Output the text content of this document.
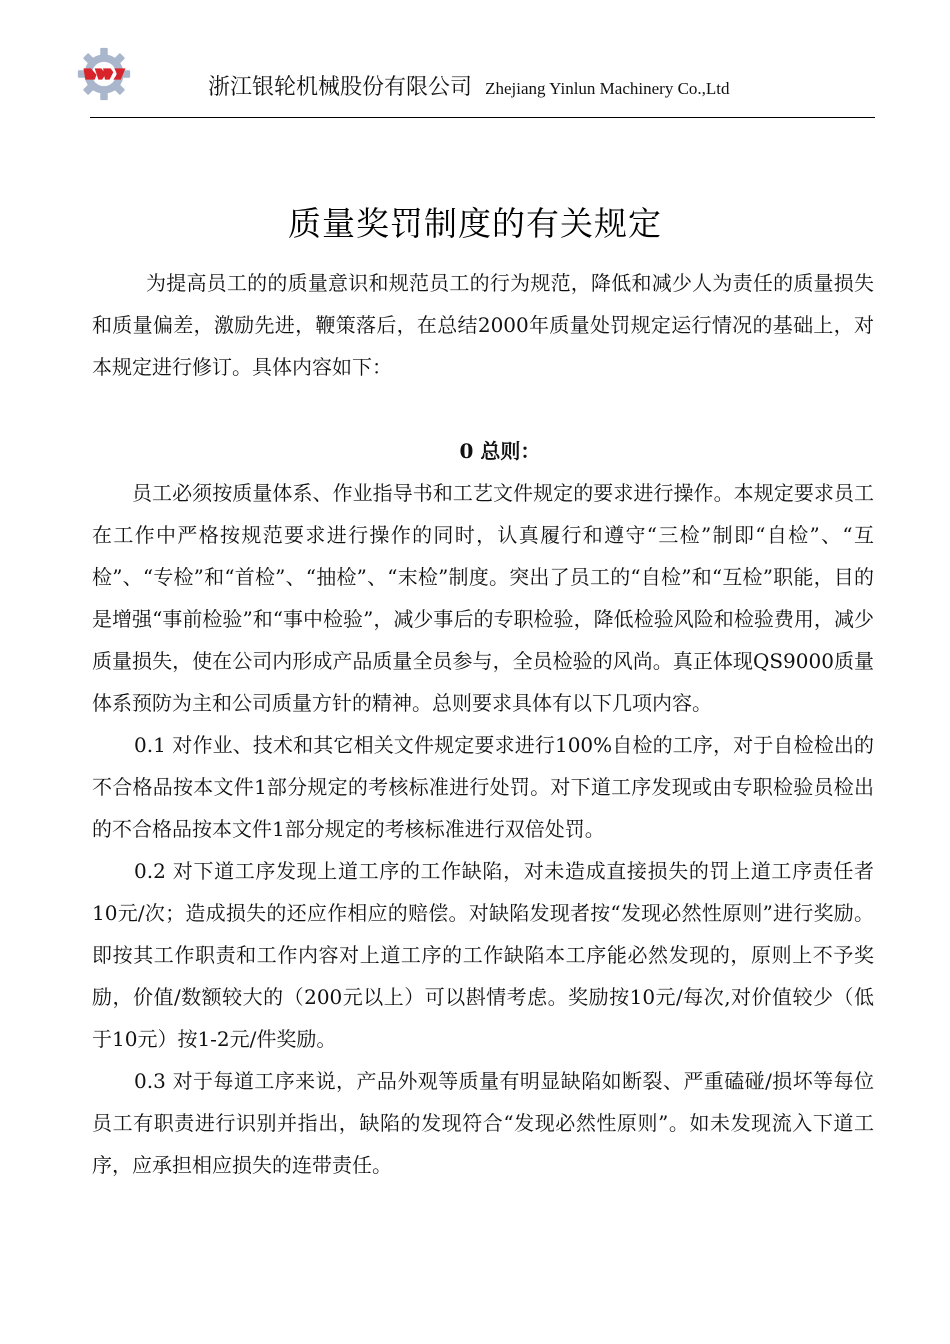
浙江银轮机械股份有限公司 Zhejiang Yinlun Machinery Co.,Ltd
质量奖罚制度的有关规定

为提高员工的的质量意识和规范员工的行为规范，降低和减少人为责任的质量损失和质量偏差，激励先进，鞭策落后，在总结2000年质量处罚规定运行情况的基础上，对本规定进行修订。具体内容如下：

0 总则：

员工必须按质量体系、作业指导书和工艺文件规定的要求进行操作。本规定要求员工在工作中严格按规范要求进行操作的同时，认真履行和遵守“三检”制即“自检”、“互检”、“专检”和“首检”、“抽检”、“末检”制度。突出了员工的“自检”和“互检”职能，目的是增强“事前检验”和“事中检验”，减少事后的专职检验，降低检验风险和检验费用，减少质量损失，使在公司内形成产品质量全员参与，全员检验的风尚。真正体现QS9000质量体系预防为主和公司质量方针的精神。总则要求具体有以下几项内容。

0.1 对作业、技术和其它相关文件规定要求进行100%自检的工序，对于自检检出的不合格品按本文件1部分规定的考核标准进行处罚。对下道工序发现或由专职检验员检出的不合格品按本文件1部分规定的考核标准进行双倍处罚。

0.2 对下道工序发现上道工序的工作缺陷，对未造成直接损失的罚上道工序责任者10元/次；造成损失的还应作相应的赔偿。对缺陷发现者按“发现必然性原则”进行奖励。即按其工作职责和工作内容对上道工序的工作缺陷本工序能必然发现的，原则上不予奖励，价值/数额较大的（200元以上）可以斟情考虑。奖励按10元/每次,对价值较少（低于10元）按1-2元/件奖励。

0.3 对于每道工序来说，产品外观等质量有明显缺陷如断裂、严重磕碰/损坏等每位员工有职责进行识别并指出，缺陷的发现符合“发现必然性原则”。如未发现流入下道工序，应承担相应损失的连带责任。
